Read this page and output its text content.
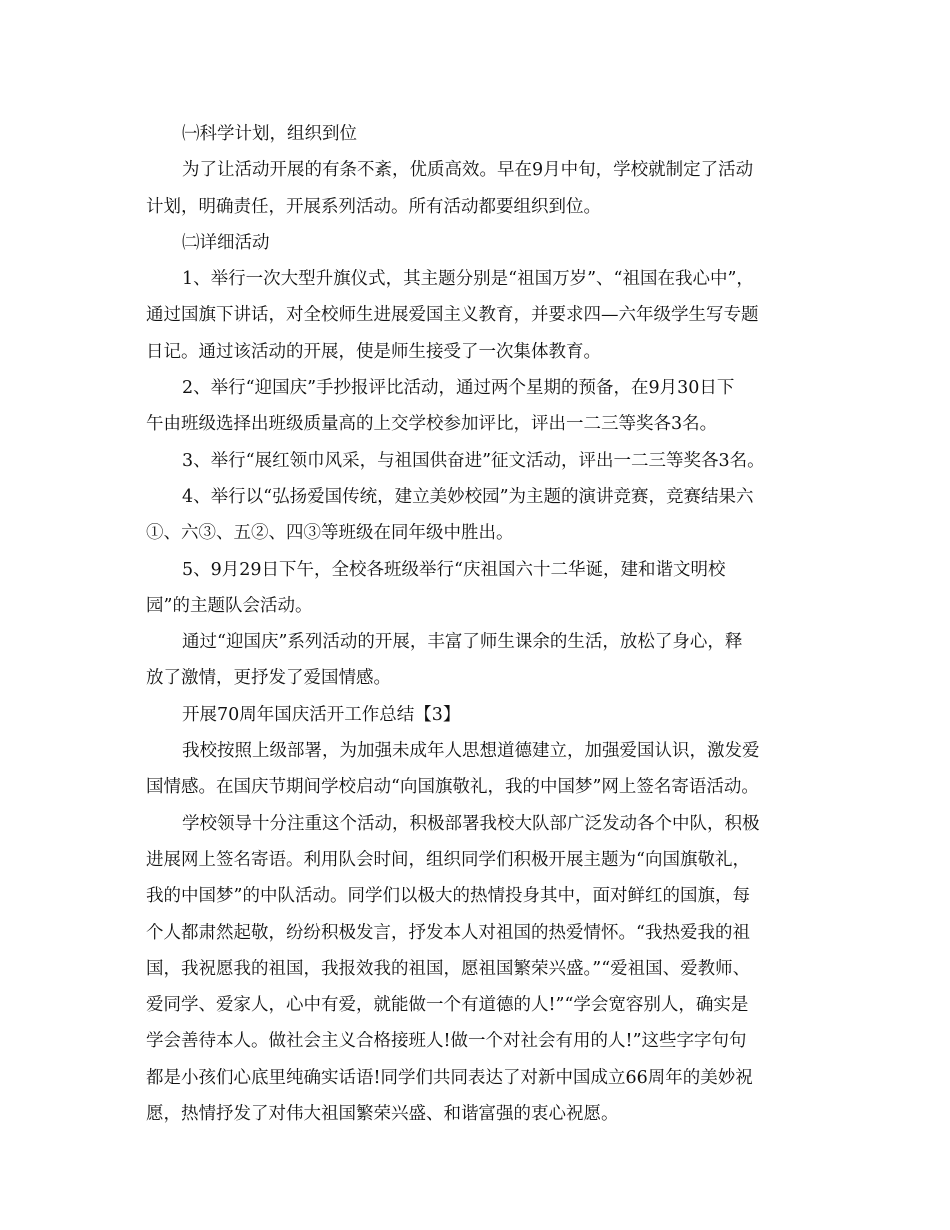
㈠科学计划，组织到位
为了让活动开展的有条不紊，优质高效。早在9月中旬，学校就制定了活动
计划，明确责任，开展系列活动。所有活动都要组织到位。
㈡详细活动
1、举行一次大型升旗仪式，其主题分别是“祖国万岁”、“祖国在我心中”，
通过国旗下讲话，对全校师生进展爱国主义教育，并要求四—六年级学生写专题
日记。通过该活动的开展，使是师生接受了一次集体教育。
2、举行“迎国庆”手抄报评比活动，通过两个星期的预备，在9月30日下
午由班级选择出班级质量高的上交学校参加评比，评出一二三等奖各3名。
3、举行“展红领巾风采，与祖国供奋进”征文活动，评出一二三等奖各3名。
4、举行以“弘扬爱国传统，建立美妙校园”为主题的演讲竞赛，竞赛结果六
①、六③、五②、四③等班级在同年级中胜出。
5、9月29日下午，全校各班级举行“庆祖国六十二华诞，建和谐文明校
园”的主题队会活动。
通过“迎国庆”系列活动的开展，丰富了师生课余的生活，放松了身心，释
放了激情，更抒发了爱国情感。
开展70周年国庆活开工作总结【3】
我校按照上级部署，为加强未成年人思想道德建立，加强爱国认识，激发爱
国情感。在国庆节期间学校启动“向国旗敬礼，我的中国梦”网上签名寄语活动。
学校领导十分注重这个活动，积极部署我校大队部广泛发动各个中队，积极
进展网上签名寄语。利用队会时间，组织同学们积极开展主题为“向国旗敬礼，
我的中国梦”的中队活动。同学们以极大的热情投身其中，面对鲜红的国旗，每
个人都肃然起敬，纷纷积极发言，抒发本人对祖国的热爱情怀。“我热爱我的祖
国，我祝愿我的祖国，我报效我的祖国，愿祖国繁荣兴盛。”“爱祖国、爱教师、
爱同学、爱家人，心中有爱，就能做一个有道德的人!”“学会宽容别人，确实是
学会善待本人。做社会主义合格接班人!做一个对社会有用的人!”这些字字句句
都是小孩们心底里纯确实话语!同学们共同表达了对新中国成立66周年的美妙祝
愿，热情抒发了对伟大祖国繁荣兴盛、和谐富强的衷心祝愿。
